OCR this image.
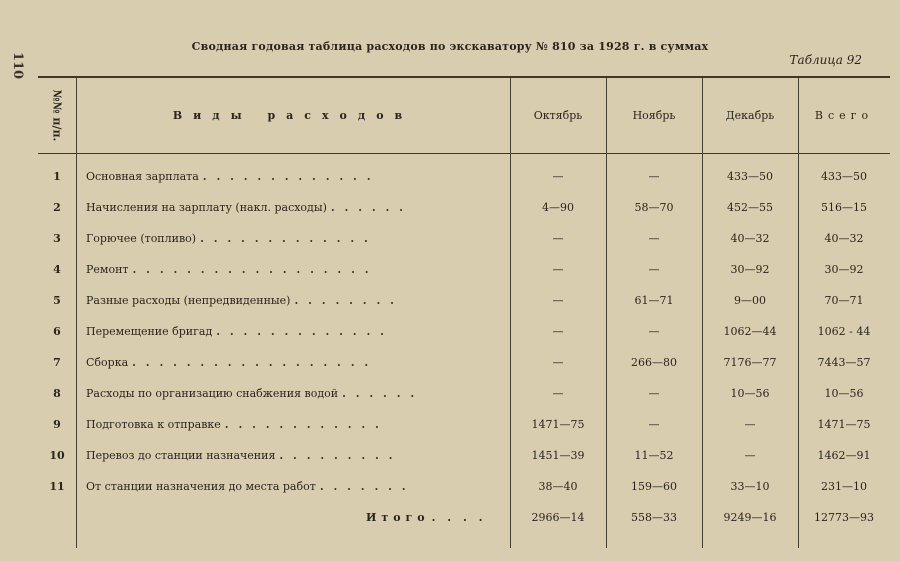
110
Сводная годовая таблица расходов по экскаватору № 810 за 1928 г. в суммах
Таблица 92
№№ п/п.	Виды расходов	Октябрь	Ноябрь	Декабрь	Всего
1	Основная зарплата . . . . . . . . . . . . .	—	—	433—50	433—50
2	Начисления на зарплату (накл. расходы) . . . . . .	4—90	58—70	452—55	516—15
3	Горючее (топливо) . . . . . . . . . . . . .	—	—	40—32	40—32
4	Ремонт . . . . . . . . . . . . . . . . . .	—	—	30—92	30—92
5	Разные расходы (непредвиденные) . . . . . . . .	—	61—71	9—00	70—71
6	Перемещение бригад . . . . . . . . . . . . .	—	—	1062—44	1062 - 44
7	Сборка . . . . . . . . . . . . . . . . . .	—	266—80	7176—77	7443—57
8	Расходы по организацию снабжения водой . . . . . .	—	—	10—56	10—56
9	Подготовка к отправке . . . . . . . . . . . .	1471—75	—	—	1471—75
10	Перевоз до станции назначения . . . . . . . . .	1451—39	11—52	—	1462—91
11	От станции назначения до места работ . . . . . . .	38—40	159—60	33—10	231—10
Итого . . . .	2966—14	558—33	9249—16	12773—93
